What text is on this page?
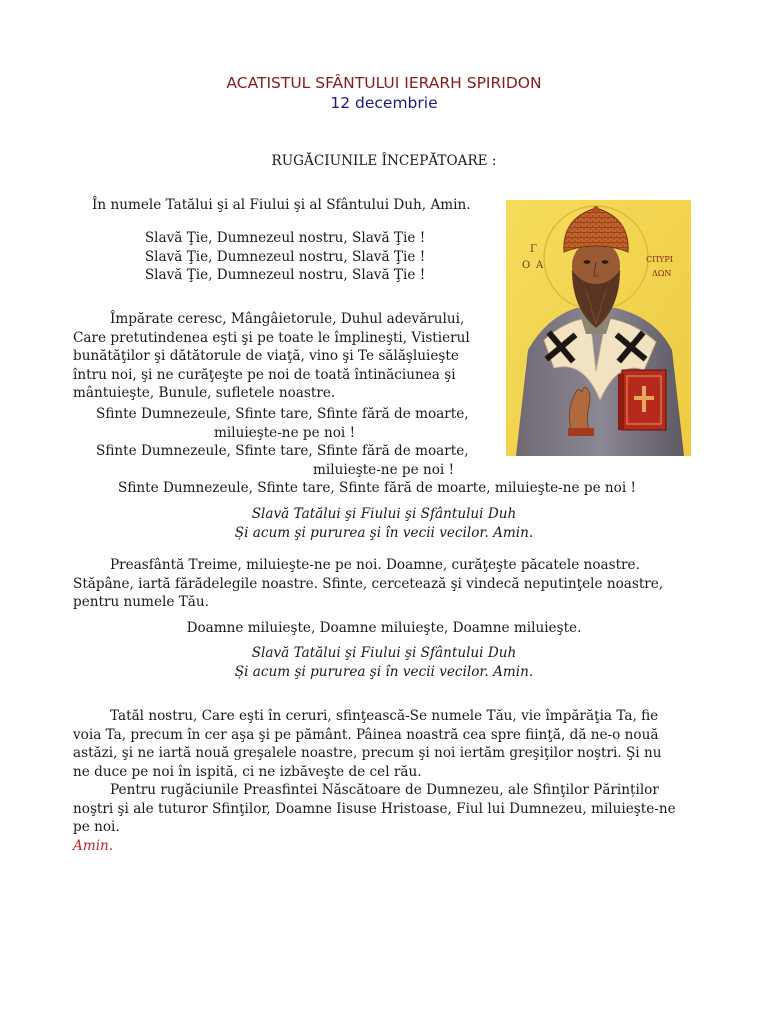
ACATISTUL SFÂNTULUI IERARH SPIRIDON
12 decembrie
RUGĂCIUNILE ÎNCEPĂTOARE :
În numele Tatălui şi al Fiului şi al Sfântului Duh, Amin.
Slavă Ţie, Dumnezeul nostru, Slavă Ţie !
Slavă Ţie, Dumnezeul nostru, Slavă Ţie !
Slavă Ţie, Dumnezeul nostru, Slavă Ţie !
Împărate ceresc, Mângâietorule, Duhul adevărului,
Care pretutindenea eşti şi pe toate le împlineşti, Vistierul
bunătăţilor şi dătătorule de viaţă, vino şi Te sălăşluieşte
întru noi, şi ne curăţeşte pe noi de toată întinăciunea şi
mântuieşte, Bunule, sufletele noastre.
Sfinte Dumnezeule, Sfinte tare, Sfinte fără de moarte,
miluieşte-ne pe noi !
Sfinte Dumnezeule, Sfinte tare, Sfinte fără de moarte,
miluieşte-ne pe noi !
Sfinte Dumnezeule, Sfinte tare, Sfinte fără de moarte, miluieşte-ne pe noi !
Slavă Tatălui şi Fiului şi Sfântului Duh
Și acum şi pururea şi în vecii vecilor. Amin.
Preasfântă Treime, miluieşte-ne pe noi. Doamne, curăţeşte păcatele noastre.
Stăpâne, iartă fărădelegile noastre. Sfinte, cercetează şi vindecă neputinţele noastre,
pentru numele Tău.
Doamne miluieşte, Doamne miluieşte, Doamne miluieşte.
Slavă Tatălui şi Fiului şi Sfântului Duh
Și acum şi pururea şi în vecii vecilor. Amin.
Tatăl nostru, Care eşti în ceruri, sfinţească-Se numele Tău, vie împărăţia Ta, fie
voia Ta, precum în cer aşa şi pe pământ. Pâinea noastră cea spre fiinţă, dă ne-o nouă
astăzi, şi ne iartă nouă greşalele noastre, precum şi noi iertăm greşiţilor noştri. Şi nu
ne duce pe noi în ispită, ci ne izbăveşte de cel rău.
Pentru rugăciunile Preasfintei Născătoare de Dumnezeu, ale Sfinţilor Părinților
noştri şi ale tuturor Sfinţilor, Doamne Iisuse Hristoase, Fiul lui Dumnezeu, miluieşte-ne
pe noi.
Amin.
Γ
Ο Α
CΠΥΡΙ
ΔΩΝ
